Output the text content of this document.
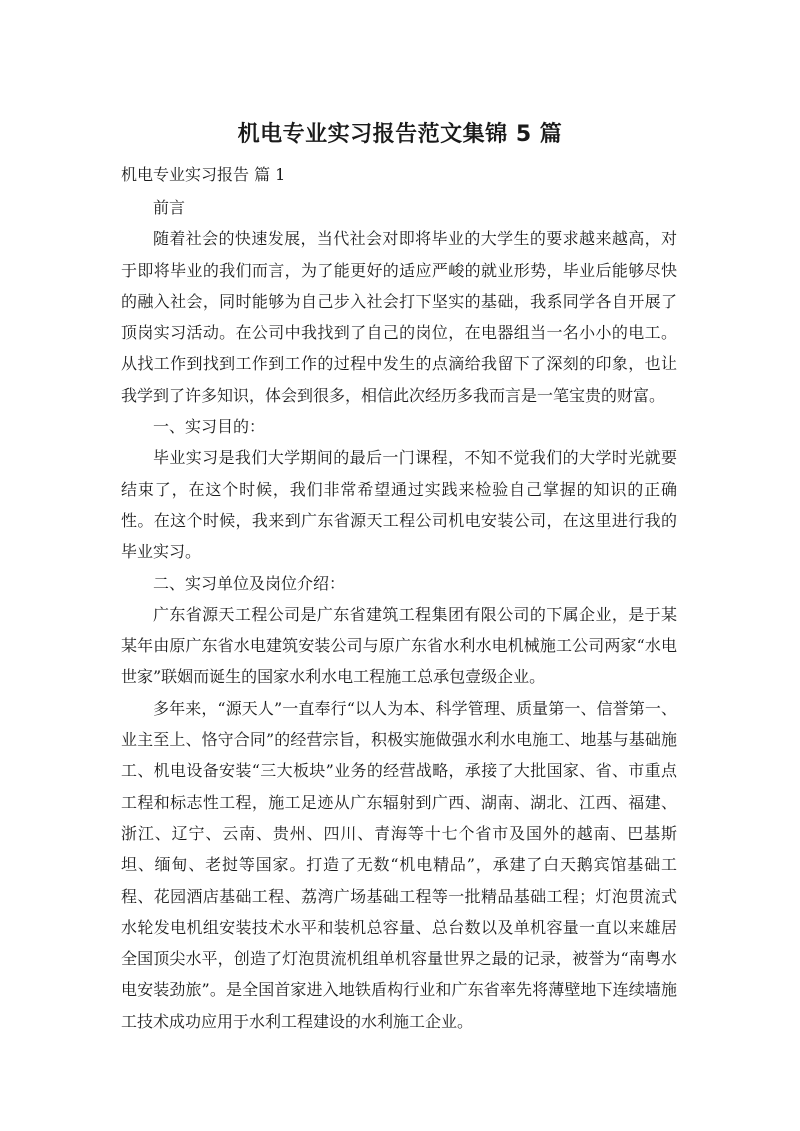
机电专业实习报告范文集锦 5 篇
机电专业实习报告 篇 1

前言

随着社会的快速发展，当代社会对即将毕业的大学生的要求越来越高，对于即将毕业的我们而言，为了能更好的适应严峻的就业形势，毕业后能够尽快的融入社会，同时能够为自己步入社会打下坚实的基础，我系同学各自开展了顶岗实习活动。在公司中我找到了自己的岗位，在电器组当一名小小的电工。从找工作到找到工作到工作的过程中发生的点滴给我留下了深刻的印象，也让我学到了许多知识，体会到很多，相信此次经历多我而言是一笔宝贵的财富。

一、实习目的：

毕业实习是我们大学期间的最后一门课程，不知不觉我们的大学时光就要结束了，在这个时候，我们非常希望通过实践来检验自己掌握的知识的正确性。在这个时候，我来到广东省源天工程公司机电安装公司，在这里进行我的毕业实习。

二、实习单位及岗位介绍：

广东省源天工程公司是广东省建筑工程集团有限公司的下属企业，是于某某年由原广东省水电建筑安装公司与原广东省水利水电机械施工公司两家“水电世家”联姻而诞生的国家水利水电工程施工总承包壹级企业。

多年来，“源天人”一直奉行“以人为本、科学管理、质量第一、信誉第一、业主至上、恪守合同”的经营宗旨，积极实施做强水利水电施工、地基与基础施工、机电设备安装“三大板块”业务的经营战略，承接了大批国家、省、市重点工程和标志性工程，施工足迹从广东辐射到广西、湖南、湖北、江西、福建、浙江、辽宁、云南、贵州、四川、青海等十七个省市及国外的越南、巴基斯坦、缅甸、老挝等国家。打造了无数“机电精品”，承建了白天鹅宾馆基础工程、花园酒店基础工程、荔湾广场基础工程等一批精品基础工程；灯泡贯流式水轮发电机组安装技术水平和装机总容量、总台数以及单机容量一直以来雄居全国顶尖水平，创造了灯泡贯流机组单机容量世界之最的记录，被誉为“南粤水电安装劲旅”。是全国首家进入地铁盾构行业和广东省率先将薄壁地下连续墙施工技术成功应用于水利工程建设的水利施工企业。
